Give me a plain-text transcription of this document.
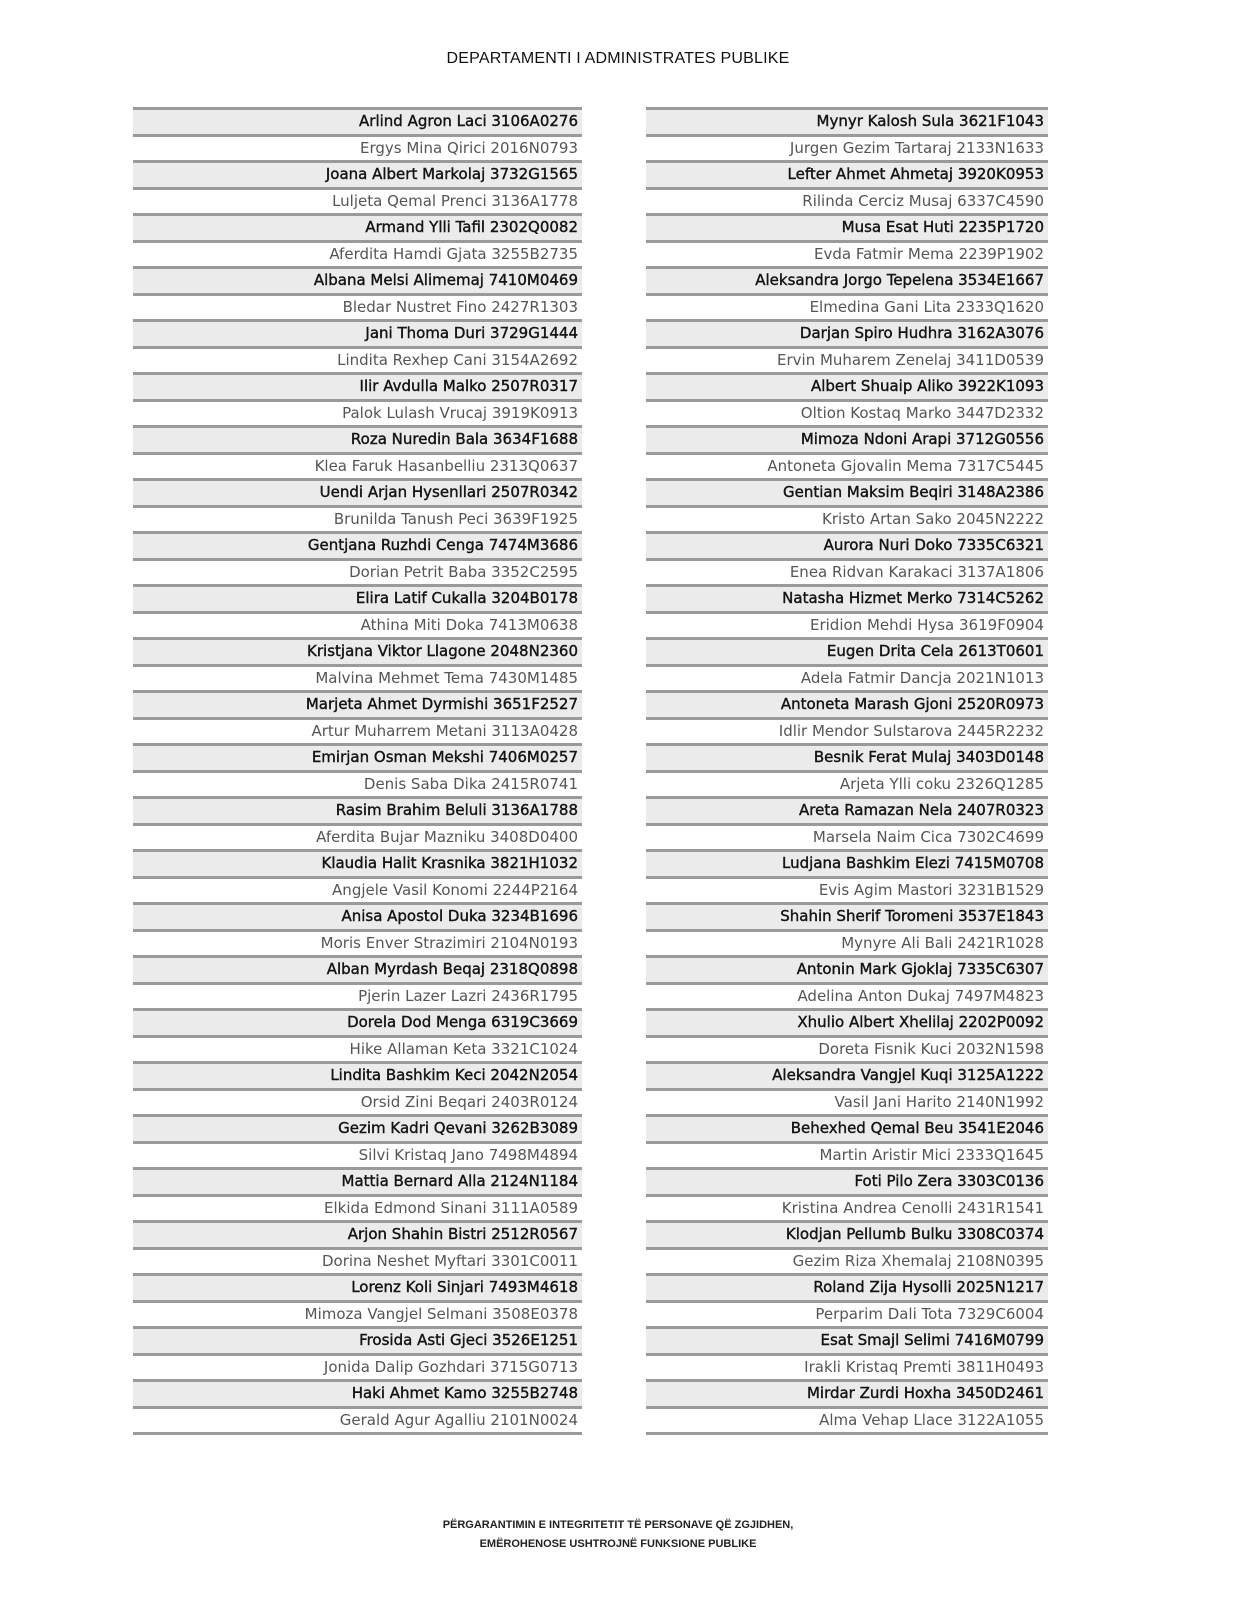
DEPARTAMENTI I ADMINISTRATES PUBLIKE
Arlind Agron Laci 3106A0276
Ergys Mina Qirici 2016N0793
Joana Albert Markolaj 3732G1565
Luljeta Qemal Prenci 3136A1778
Armand Ylli Tafil 2302Q0082
Aferdita Hamdi Gjata 3255B2735
Albana Melsi Alimemaj 7410M0469
Bledar Nustret Fino 2427R1303
Jani Thoma Duri 3729G1444
Lindita Rexhep Cani 3154A2692
Ilir Avdulla Malko 2507R0317
Palok Lulash Vrucaj 3919K0913
Roza Nuredin Bala 3634F1688
Klea Faruk Hasanbelliu 2313Q0637
Uendi Arjan Hysenllari 2507R0342
Brunilda Tanush Peci 3639F1925
Gentjana Ruzhdi Cenga 7474M3686
Dorian Petrit Baba 3352C2595
Elira Latif Cukalla 3204B0178
Athina Miti Doka 7413M0638
Kristjana Viktor Llagone 2048N2360
Malvina Mehmet Tema 7430M1485
Marjeta Ahmet Dyrmishi 3651F2527
Artur Muharrem Metani 3113A0428
Emirjan Osman Mekshi 7406M0257
Denis Saba Dika 2415R0741
Rasim Brahim Beluli 3136A1788
Aferdita Bujar Mazniku 3408D0400
Klaudia Halit Krasnika 3821H1032
Angjele Vasil Konomi 2244P2164
Anisa Apostol Duka 3234B1696
Moris Enver Strazimiri 2104N0193
Alban Myrdash Beqaj 2318Q0898
Pjerin Lazer Lazri 2436R1795
Dorela Dod Menga 6319C3669
Hike Allaman Keta 3321C1024
Lindita Bashkim Keci 2042N2054
Orsid Zini Beqari 2403R0124
Gezim Kadri Qevani 3262B3089
Silvi Kristaq Jano 7498M4894
Mattia Bernard Alla 2124N1184
Elkida Edmond Sinani 3111A0589
Arjon Shahin Bistri 2512R0567
Dorina Neshet Myftari 3301C0011
Lorenz Koli Sinjari 7493M4618
Mimoza Vangjel Selmani 3508E0378
Frosida Asti Gjeci 3526E1251
Jonida Dalip Gozhdari 3715G0713
Haki Ahmet Kamo 3255B2748
Gerald Agur Agalliu 2101N0024
Mynyr Kalosh Sula 3621F1043
Jurgen Gezim Tartaraj 2133N1633
Lefter Ahmet Ahmetaj 3920K0953
Rilinda Cerciz Musaj 6337C4590
Musa Esat Huti 2235P1720
Evda Fatmir Mema 2239P1902
Aleksandra Jorgo Tepelena 3534E1667
Elmedina Gani Lita 2333Q1620
Darjan Spiro Hudhra 3162A3076
Ervin Muharem Zenelaj 3411D0539
Albert Shuaip Aliko 3922K1093
Oltion Kostaq Marko 3447D2332
Mimoza Ndoni Arapi 3712G0556
Antoneta Gjovalin Mema 7317C5445
Gentian Maksim Beqiri 3148A2386
Kristo Artan Sako 2045N2222
Aurora Nuri Doko 7335C6321
Enea Ridvan Karakaci 3137A1806
Natasha Hizmet Merko 7314C5262
Eridion Mehdi Hysa 3619F0904
Eugen Drita Cela 2613T0601
Adela Fatmir Dancja 2021N1013
Antoneta Marash Gjoni 2520R0973
Idlir Mendor Sulstarova 2445R2232
Besnik Ferat Mulaj 3403D0148
Arjeta Ylli coku 2326Q1285
Areta Ramazan Nela 2407R0323
Marsela Naim Cica 7302C4699
Ludjana Bashkim Elezi 7415M0708
Evis Agim Mastori 3231B1529
Shahin Sherif Toromeni 3537E1843
Mynyre Ali Bali 2421R1028
Antonin Mark Gjoklaj 7335C6307
Adelina Anton Dukaj 7497M4823
Xhulio Albert Xhelilaj 2202P0092
Doreta Fisnik Kuci 2032N1598
Aleksandra Vangjel Kuqi 3125A1222
Vasil Jani Harito 2140N1992
Behexhed Qemal Beu 3541E2046
Martin Aristir Mici 2333Q1645
Foti Pilo Zera 3303C0136
Kristina Andrea Cenolli 2431R1541
Klodjan Pellumb Bulku 3308C0374
Gezim Riza Xhemalaj 2108N0395
Roland Zija Hysolli 2025N1217
Perparim Dali Tota 7329C6004
Esat Smajl Selimi 7416M0799
Irakli Kristaq Premti 3811H0493
Mirdar Zurdi Hoxha 3450D2461
Alma Vehap Llace 3122A1055
PËRGARANTIMIN E INTEGRITETIT TË PERSONAVE QË ZGJIDHEN,
EMËROHENOSE USHTROJNË FUNKSIONE PUBLIKE
